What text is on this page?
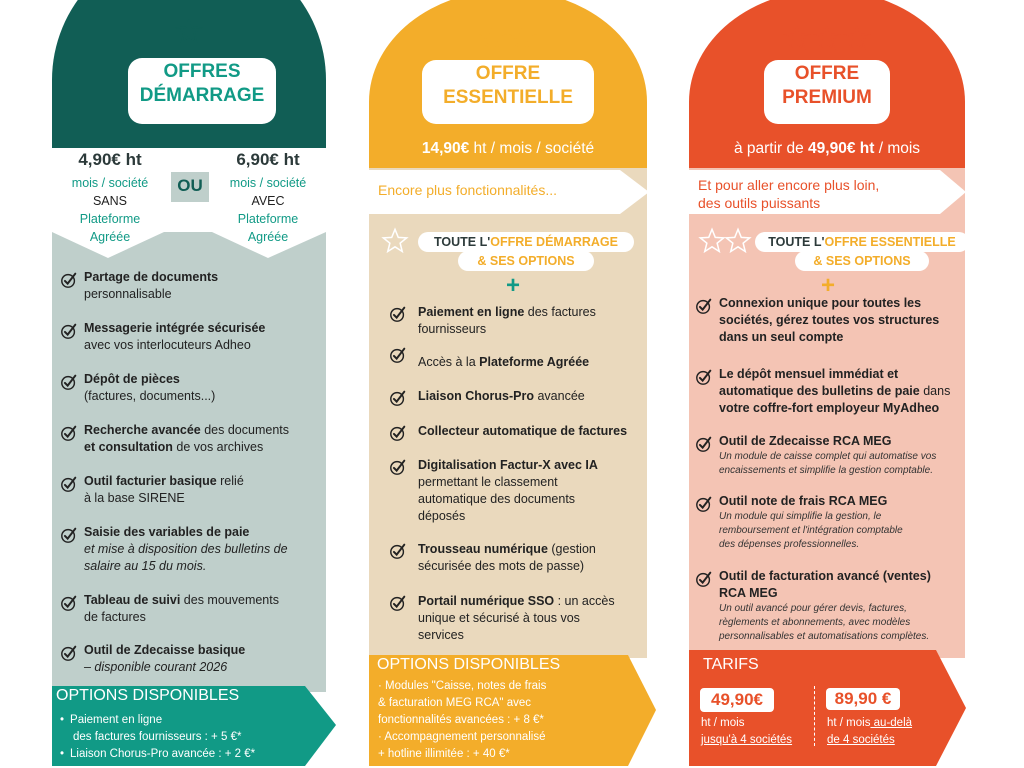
OFFRES
DÉMARRAGE
4,90€ ht
mois / société
SANS
Plateforme
Agréée
OU
6,90€ ht
mois / société
AVEC
Plateforme
Agréée
Partage de documents
personnalisable
Messagerie intégrée sécurisée
avec vos interlocuteurs Adheo
Dépôt de pièces
(factures, documents...)
Recherche avancée des documents
et consultation de vos archives
Outil facturier basique relié
à la base SIRENE
Saisie des variables de paie
et mise à disposition des bulletins de
salaire au 15 du mois.
Tableau de suivi des mouvements
de factures
Outil de Zdecaisse basique
– disponible courant 2026
OPTIONS DISPONIBLES
• Paiement en ligne
des factures fournisseurs : + 5 €*
• Liaison Chorus-Pro avancée : + 2 €*
OFFRE
ESSENTIELLE
14,90€ ht / mois / société
Encore plus fonctionnalités...
TOUTE L'OFFRE DÉMARRAGE
& SES OPTIONS
+
Paiement en ligne des factures
fournisseurs
Accès à la Plateforme Agréée
Liaison Chorus-Pro avancée
Collecteur automatique de factures
Digitalisation Factur-X avec IA
permettant le classement
automatique des documents
déposés
Trousseau numérique (gestion
sécurisée des mots de passe)
Portail numérique SSO : un accès
unique et sécurisé à tous vos
services
OPTIONS DISPONIBLES
· Modules "Caisse, notes de frais
& facturation MEG RCA" avec
fonctionnalités avancées : + 8 €*
· Accompagnement personnalisé
+ hotline illimitée : + 40 €*
OFFRE
PREMIUM
à partir de 49,90€ ht / mois
Et pour aller encore plus loin,
des outils puissants
TOUTE L'OFFRE ESSENTIELLE
& SES OPTIONS
+
Connexion unique pour toutes les
sociétés, gérez toutes vos structures
dans un seul compte
Le dépôt mensuel immédiat et
automatique des bulletins de paie dans
votre coffre-fort employeur MyAdheo
Outil de Zdecaisse RCA MEG
Un module de caisse complet qui automatise vos
encaissements et simplifie la gestion comptable.
Outil note de frais RCA MEG
Un module qui simplifie la gestion, le
remboursement et l'intégration comptable
des dépenses professionnelles.
Outil de facturation avancé (ventes)
RCA MEG
Un outil avancé pour gérer devis, factures,
règlements et abonnements, avec modèles
personnalisables et automatisations complètes.
TARIFS
49,90€
ht / mois
jusqu'à 4 sociétés
89,90 €
ht / mois au-delà
de 4 sociétés
